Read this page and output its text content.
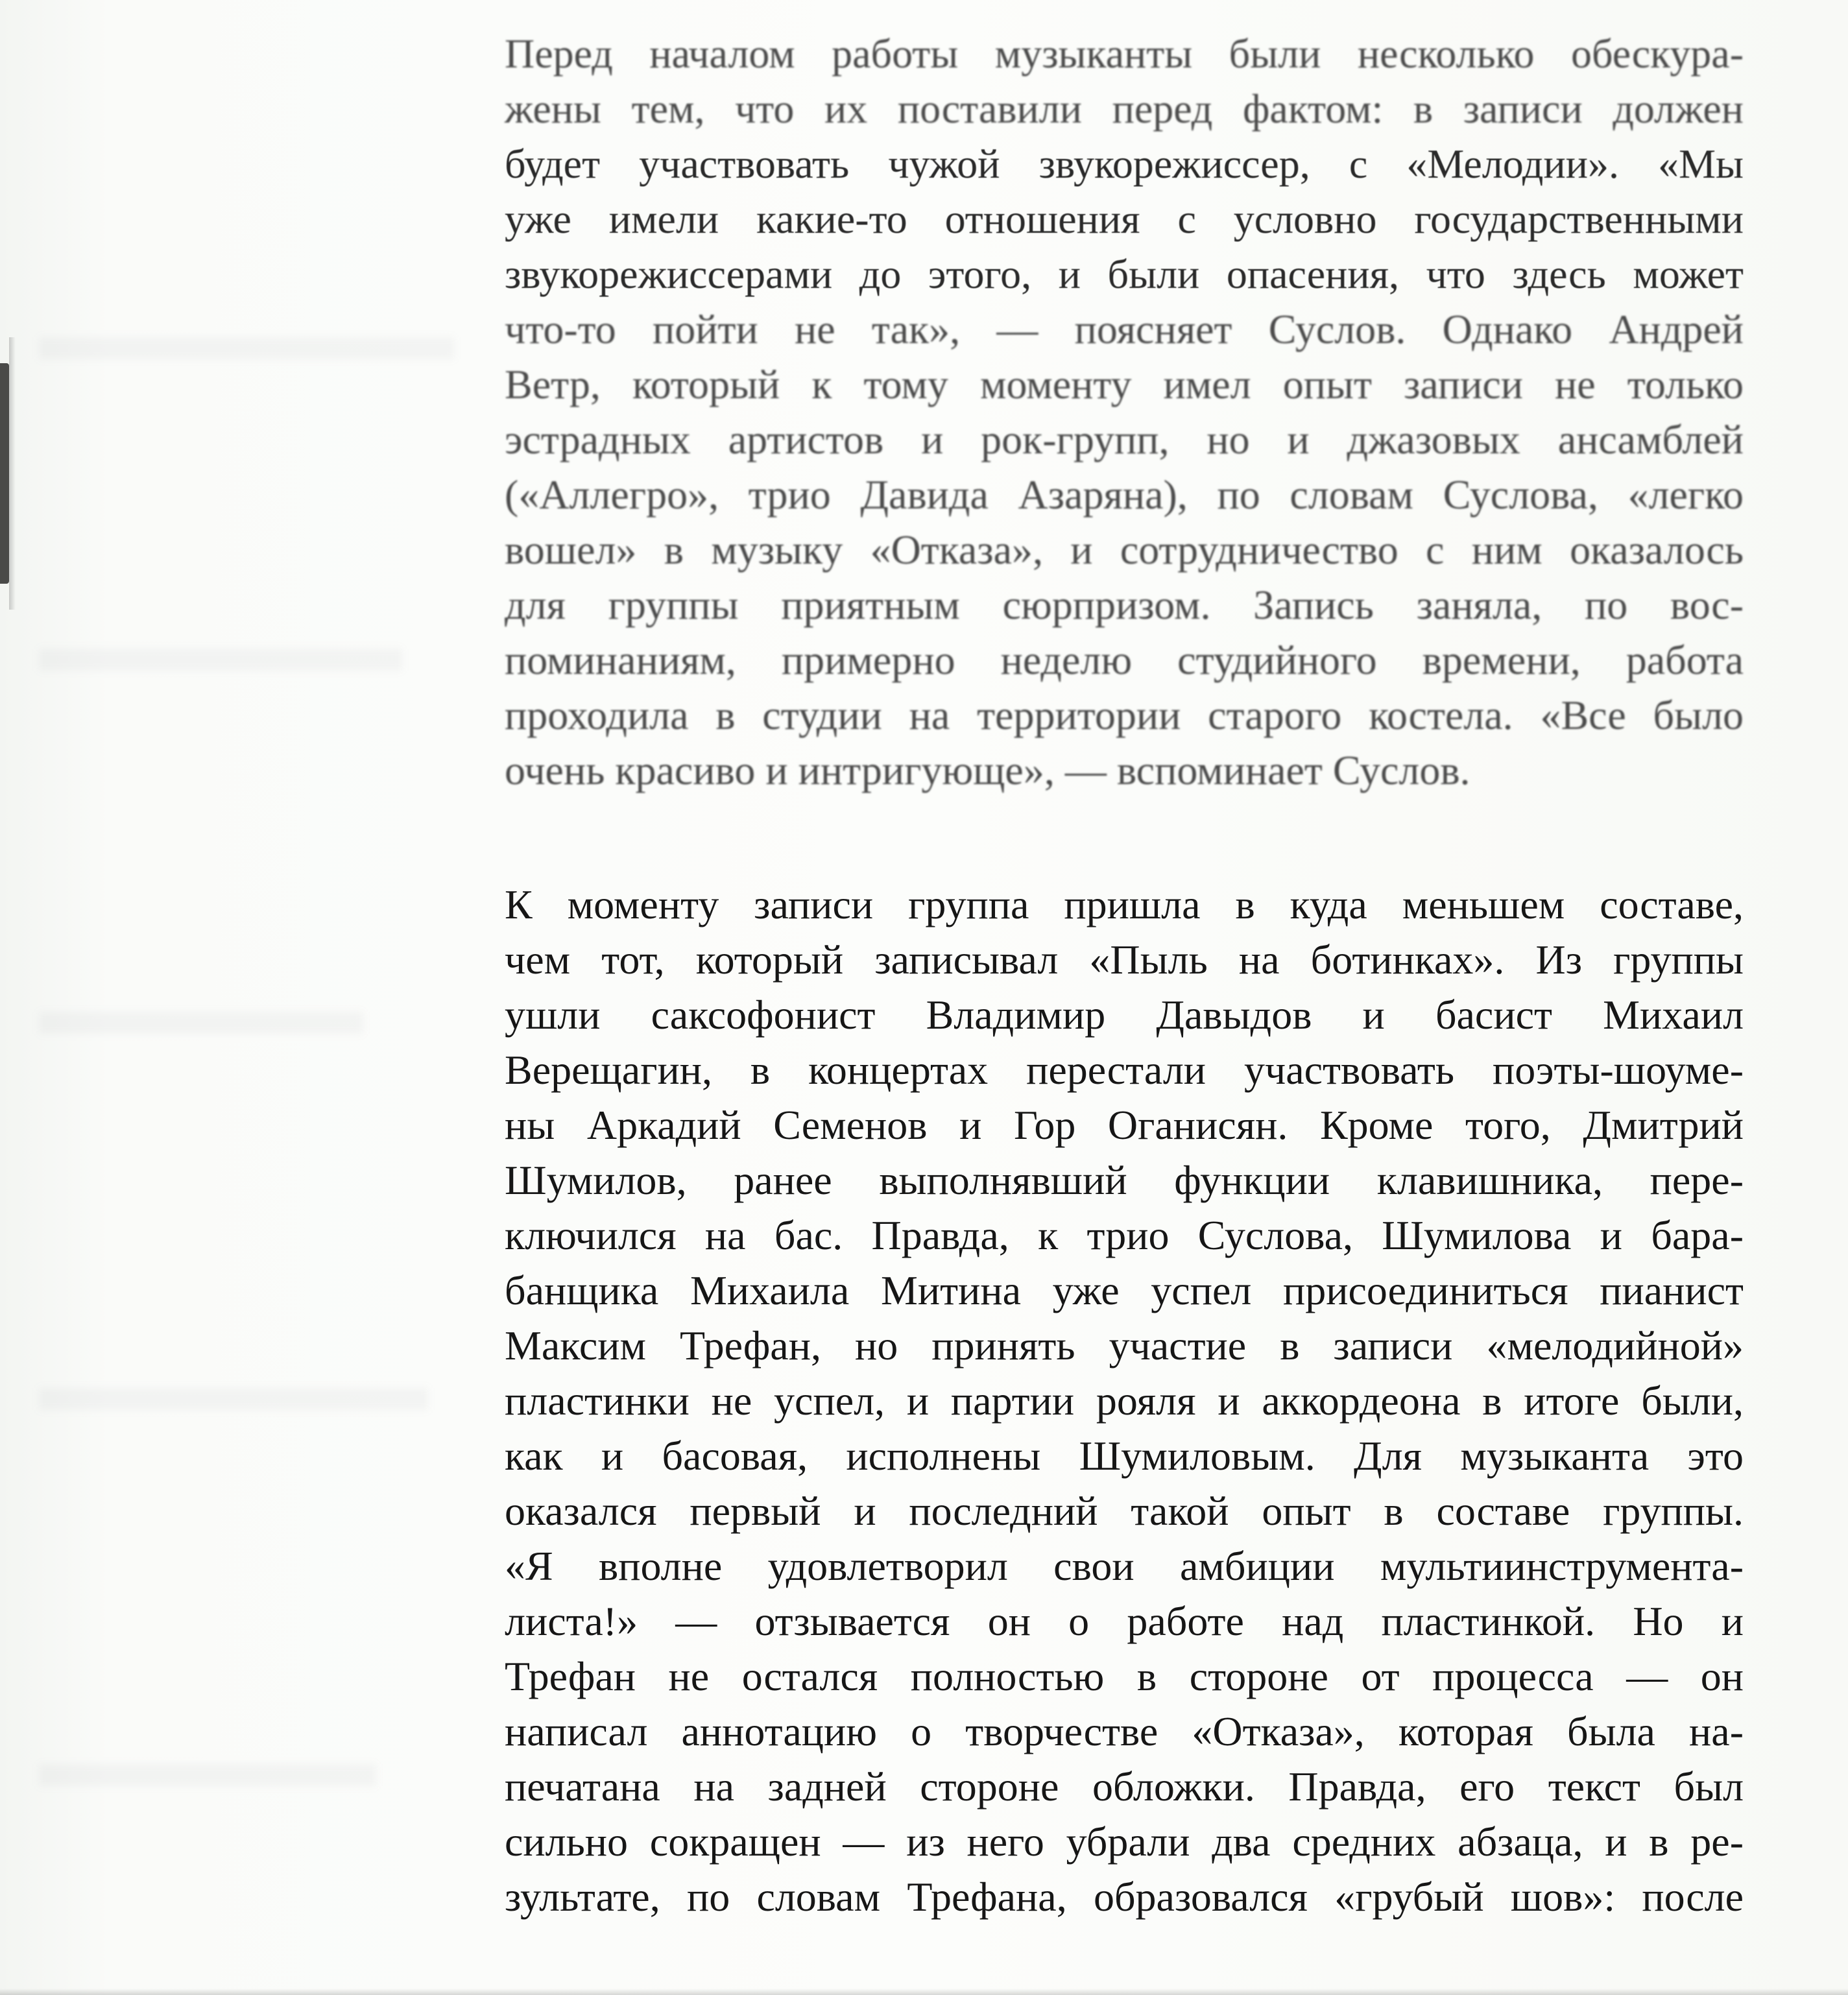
Перед началом работы музыканты были несколько обескура-
жены тем, что их поставили перед фактом: в записи должен
будет участвовать чужой звукорежиссер, с «Мелодии». «Мы
уже имели какие-то отношения с условно государственными
звукорежиссерами до этого, и были опасения, что здесь может
что-то пойти не так», — поясняет Суслов. Однако Андрей
Ветр, который к тому моменту имел опыт записи не только
эстрадных артистов и рок-групп, но и джазовых ансамблей
(«Аллегро», трио Давида Азаряна), по словам Суслова, «легко
вошел» в музыку «Отказа», и сотрудничество с ним оказалось
для группы приятным сюрпризом. Запись заняла, по вос-
поминаниям, примерно неделю студийного времени, работа
проходила в студии на территории старого костела. «Все было
очень красиво и интригующе», — вспоминает Суслов.
К моменту записи группа пришла в куда меньшем составе,
чем тот, который записывал «Пыль на ботинках». Из группы
ушли саксофонист Владимир Давыдов и басист Михаил
Верещагин, в концертах перестали участвовать поэты-шоуме-
ны Аркадий Семенов и Гор Оганисян. Кроме того, Дмитрий
Шумилов, ранее выполнявший функции клавишника, пере-
ключился на бас. Правда, к трио Суслова, Шумилова и бара-
банщика Михаила Митина уже успел присоединиться пианист
Максим Трефан, но принять участие в записи «мелодийной»
пластинки не успел, и партии рояля и аккордеона в итоге были,
как и басовая, исполнены Шумиловым. Для музыканта это
оказался первый и последний такой опыт в составе группы.
«Я вполне удовлетворил свои амбиции мультиинструмента-
листа!» — отзывается он о работе над пластинкой. Но и
Трефан не остался полностью в стороне от процесса — он
написал аннотацию о творчестве «Отказа», которая была на-
печатана на задней стороне обложки. Правда, его текст был
сильно сокращен — из него убрали два средних абзаца, и в ре-
зультате, по словам Трефана, образовался «грубый шов»: после
